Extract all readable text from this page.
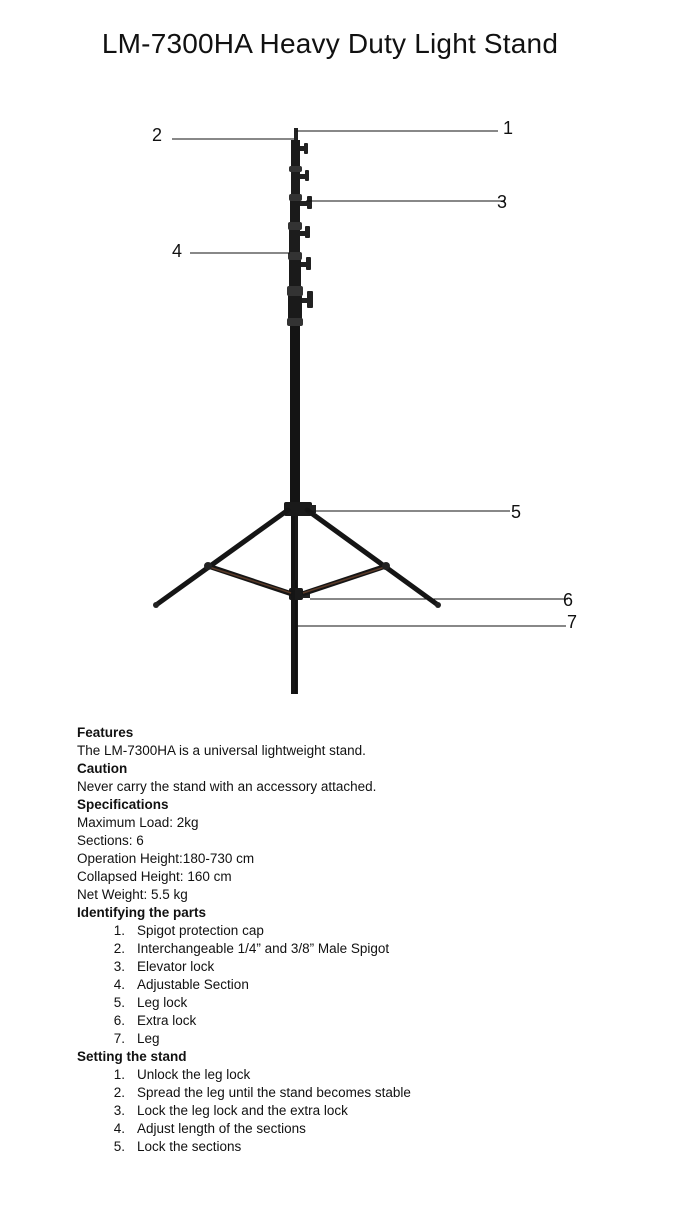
LM-7300HA Heavy Duty Light Stand
1
2
3
4
5
6
7
Features
The LM-7300HA is a universal lightweight stand.
Caution
Never carry the stand with an accessory attached.
Specifications
Maximum Load: 2kg
Sections: 6
Operation Height:180-730 cm
Collapsed Height: 160 cm
Net Weight: 5.5 kg
Identifying the parts
1. Spigot protection cap
2. Interchangeable 1/4” and 3/8” Male Spigot
3. Elevator lock
4. Adjustable Section
5. Leg lock
6. Extra lock
7. Leg
Setting the stand
1. Unlock the leg lock
2. Spread the leg until the stand becomes stable
3. Lock the leg lock and the extra lock
4. Adjust length of the sections
5. Lock the sections
